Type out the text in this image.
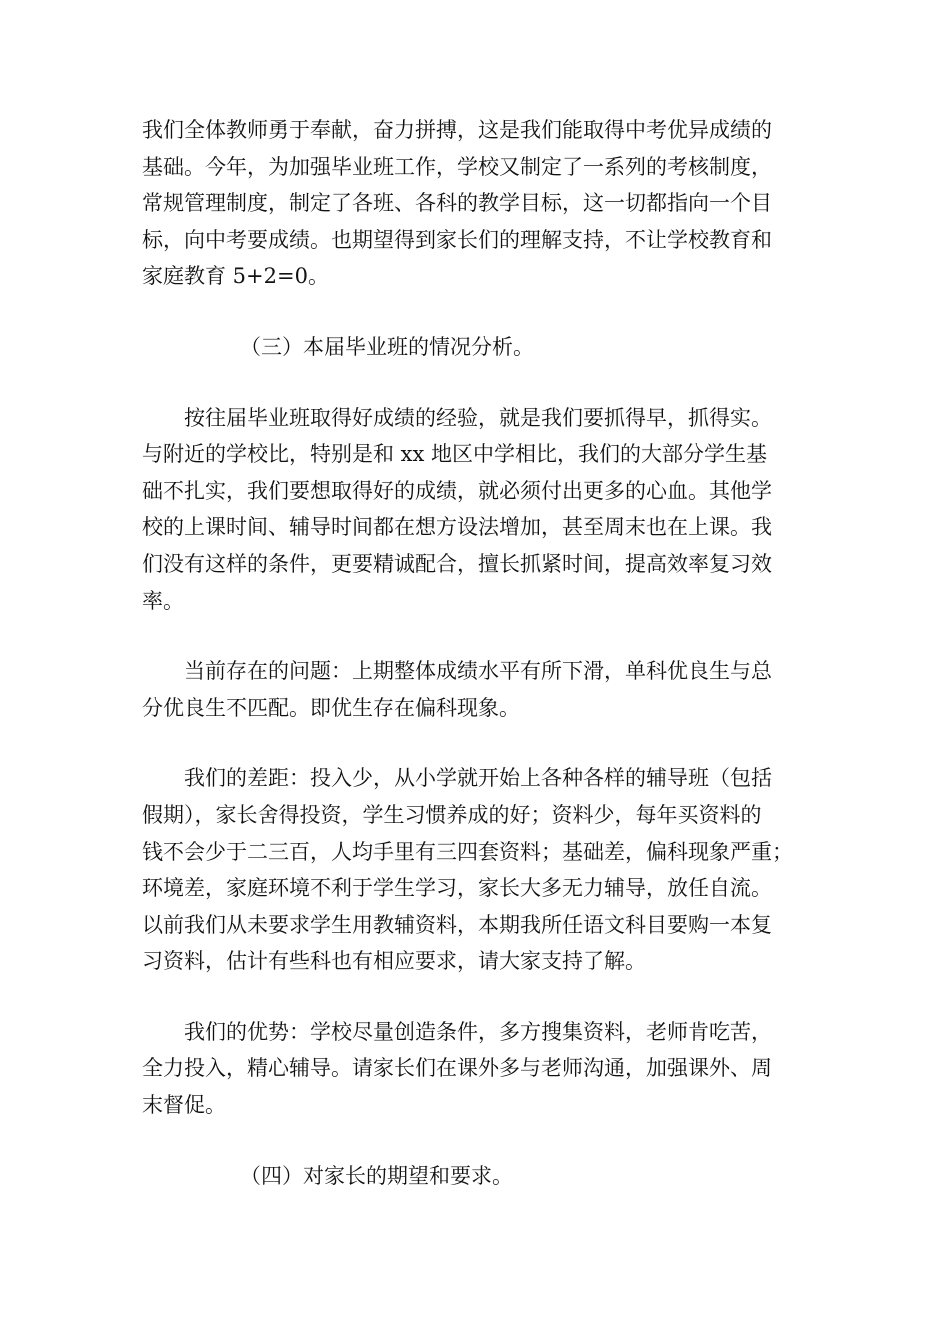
我们全体教师勇于奉献，奋力拼搏，这是我们能取得中考优异成绩的
基础。今年，为加强毕业班工作，学校又制定了一系列的考核制度，
常规管理制度，制定了各班、各科的教学目标，这一切都指向一个目
标，向中考要成绩。也期望得到家长们的理解支持，不让学校教育和
家庭教育 5+2=0。
（三）本届毕业班的情况分析。
按往届毕业班取得好成绩的经验，就是我们要抓得早，抓得实。
与附近的学校比，特别是和 xx 地区中学相比，我们的大部分学生基
础不扎实，我们要想取得好的成绩，就必须付出更多的心血。其他学
校的上课时间、辅导时间都在想方设法增加，甚至周末也在上课。我
们没有这样的条件，更要精诚配合，擅长抓紧时间，提高效率复习效
率。
当前存在的问题：上期整体成绩水平有所下滑，单科优良生与总
分优良生不匹配。即优生存在偏科现象。
我们的差距：投入少，从小学就开始上各种各样的辅导班（包括
假期），家长舍得投资，学生习惯养成的好；资料少，每年买资料的
钱不会少于二三百，人均手里有三四套资料；基础差，偏科现象严重；
环境差，家庭环境不利于学生学习，家长大多无力辅导，放任自流。
以前我们从未要求学生用教辅资料，本期我所任语文科目要购一本复
习资料，估计有些科也有相应要求，请大家支持了解。
我们的优势：学校尽量创造条件，多方搜集资料，老师肯吃苦，
全力投入，精心辅导。请家长们在课外多与老师沟通，加强课外、周
末督促。
（四）对家长的期望和要求。
